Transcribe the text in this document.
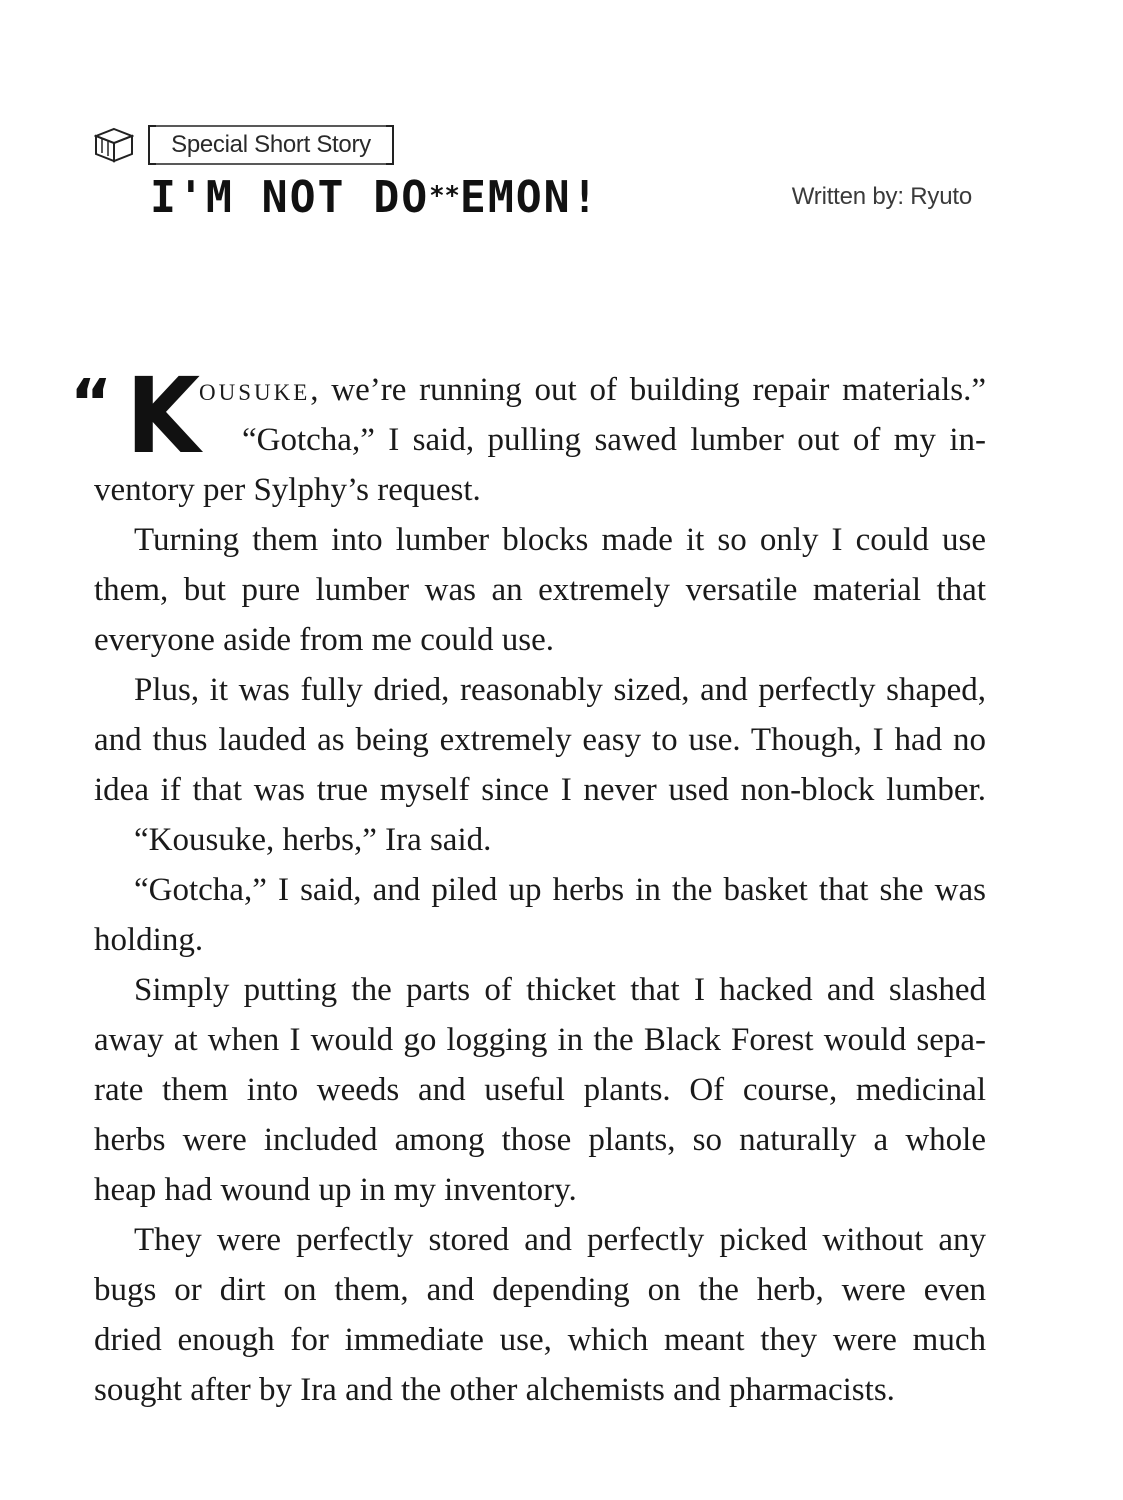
Special Short Story
I'M NOT DO**EMON!	Written by: Ryuto
“ K
ousuke, we’re running out of building repair materials.”
“Gotcha,” I said, pulling sawed lumber out of my in-
ventory per Sylphy’s request.
Turning them into lumber blocks made it so only I could use
them, but pure lumber was an extremely versatile material that
everyone aside from me could use.
Plus, it was fully dried, reasonably sized, and perfectly shaped,
and thus lauded as being extremely easy to use. Though, I had no
idea if that was true myself since I never used non-block lumber.
“Kousuke, herbs,” Ira said.
“Gotcha,” I said, and piled up herbs in the basket that she was
holding.
Simply putting the parts of thicket that I hacked and slashed
away at when I would go logging in the Black Forest would sepa-
rate them into weeds and useful plants. Of course, medicinal
herbs were included among those plants, so naturally a whole
heap had wound up in my inventory.
They were perfectly stored and perfectly picked without any
bugs or dirt on them, and depending on the herb, were even
dried enough for immediate use, which meant they were much
sought after by Ira and the other alchemists and pharmacists.
